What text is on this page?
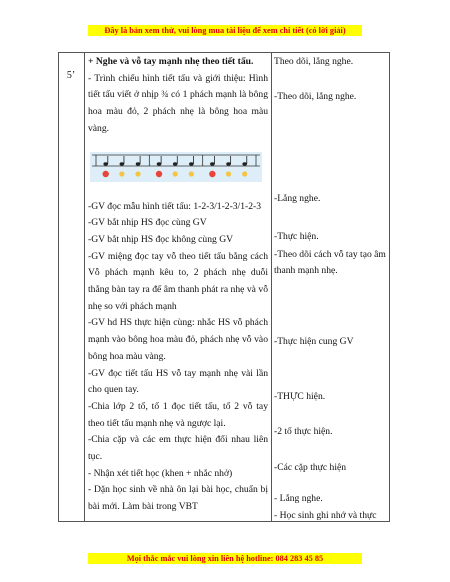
Đây là bản xem thử, vui lòng mua tài liệu để xem chi tiết (có lời giải)
5’

+ Nghe và vỗ tay mạnh nhẹ theo tiết tấu.

- Trình chiếu hình tiết tấu và giới thiệu: Hình tiết tấu viết ở nhịp ¾ có 1 phách mạnh là bông hoa màu đỏ, 2 phách nhẹ là bông hoa màu vàng.

-GV đọc mẫu hình tiết tấu: 1-2-3/1-2-3/1-2-3

-GV bắt nhịp HS đọc cùng GV

-GV bắt nhịp HS đọc không cùng GV

-GV miệng đọc tay vỗ theo tiết tấu bằng cách Vỗ phách mạnh kêu to, 2 phách nhẹ duỗi thẳng bàn tay ra để âm thanh phát ra nhẹ và vỗ nhẹ so với phách mạnh

-GV hd HS thực hiện cùng: nhắc HS vỗ phách mạnh vào bông hoa màu đỏ, phách nhẹ vỗ vào bông hoa màu vàng.

-GV đọc tiết tấu HS vỗ tay mạnh nhẹ vài lần cho quen tay.

-Chia lớp 2 tổ, tổ 1 đọc tiết tấu, tổ 2 vỗ tay theo tiết tấu mạnh nhẹ và ngược lại.

-Chia cặp và các em thực hiện đối nhau liên tục.

- Nhận xét tiết học (khen + nhắc nhở)

- Dặn học sinh về nhà ôn lại bài học, chuẩn bị bài mới. Làm bài trong VBT

Theo dõi, lắng nghe.

-Theo dõi, lắng nghe.

-Lắng nghe.

-Thực hiện.

-Theo dõi cách vỗ tay tạo âm thanh mạnh nhẹ.

-Thực hiện cung GV

-THỰC hiện.

-2 tổ thực hiện.

-Các cặp thực hiện

- Lắng nghe.

- Học sinh ghi nhớ và thực

Mọi thắc mắc vui lòng xin liên hệ hotline: 084 283 45 85
